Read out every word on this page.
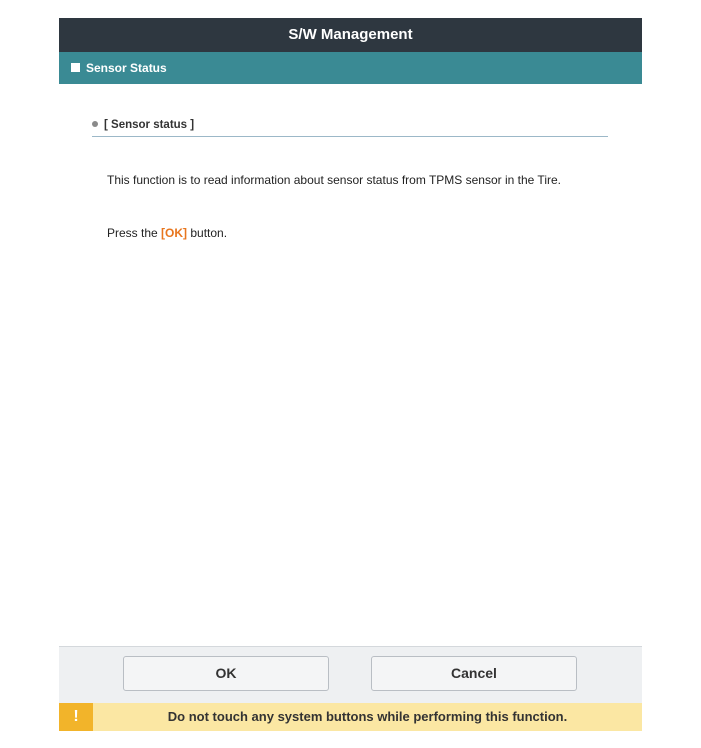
S/W Management
Sensor Status
[ Sensor status ]
This function is to read information about sensor status from TPMS sensor in the Tire.
Press the [OK] button.
OK	Cancel
!	Do not touch any system buttons while performing this function.
